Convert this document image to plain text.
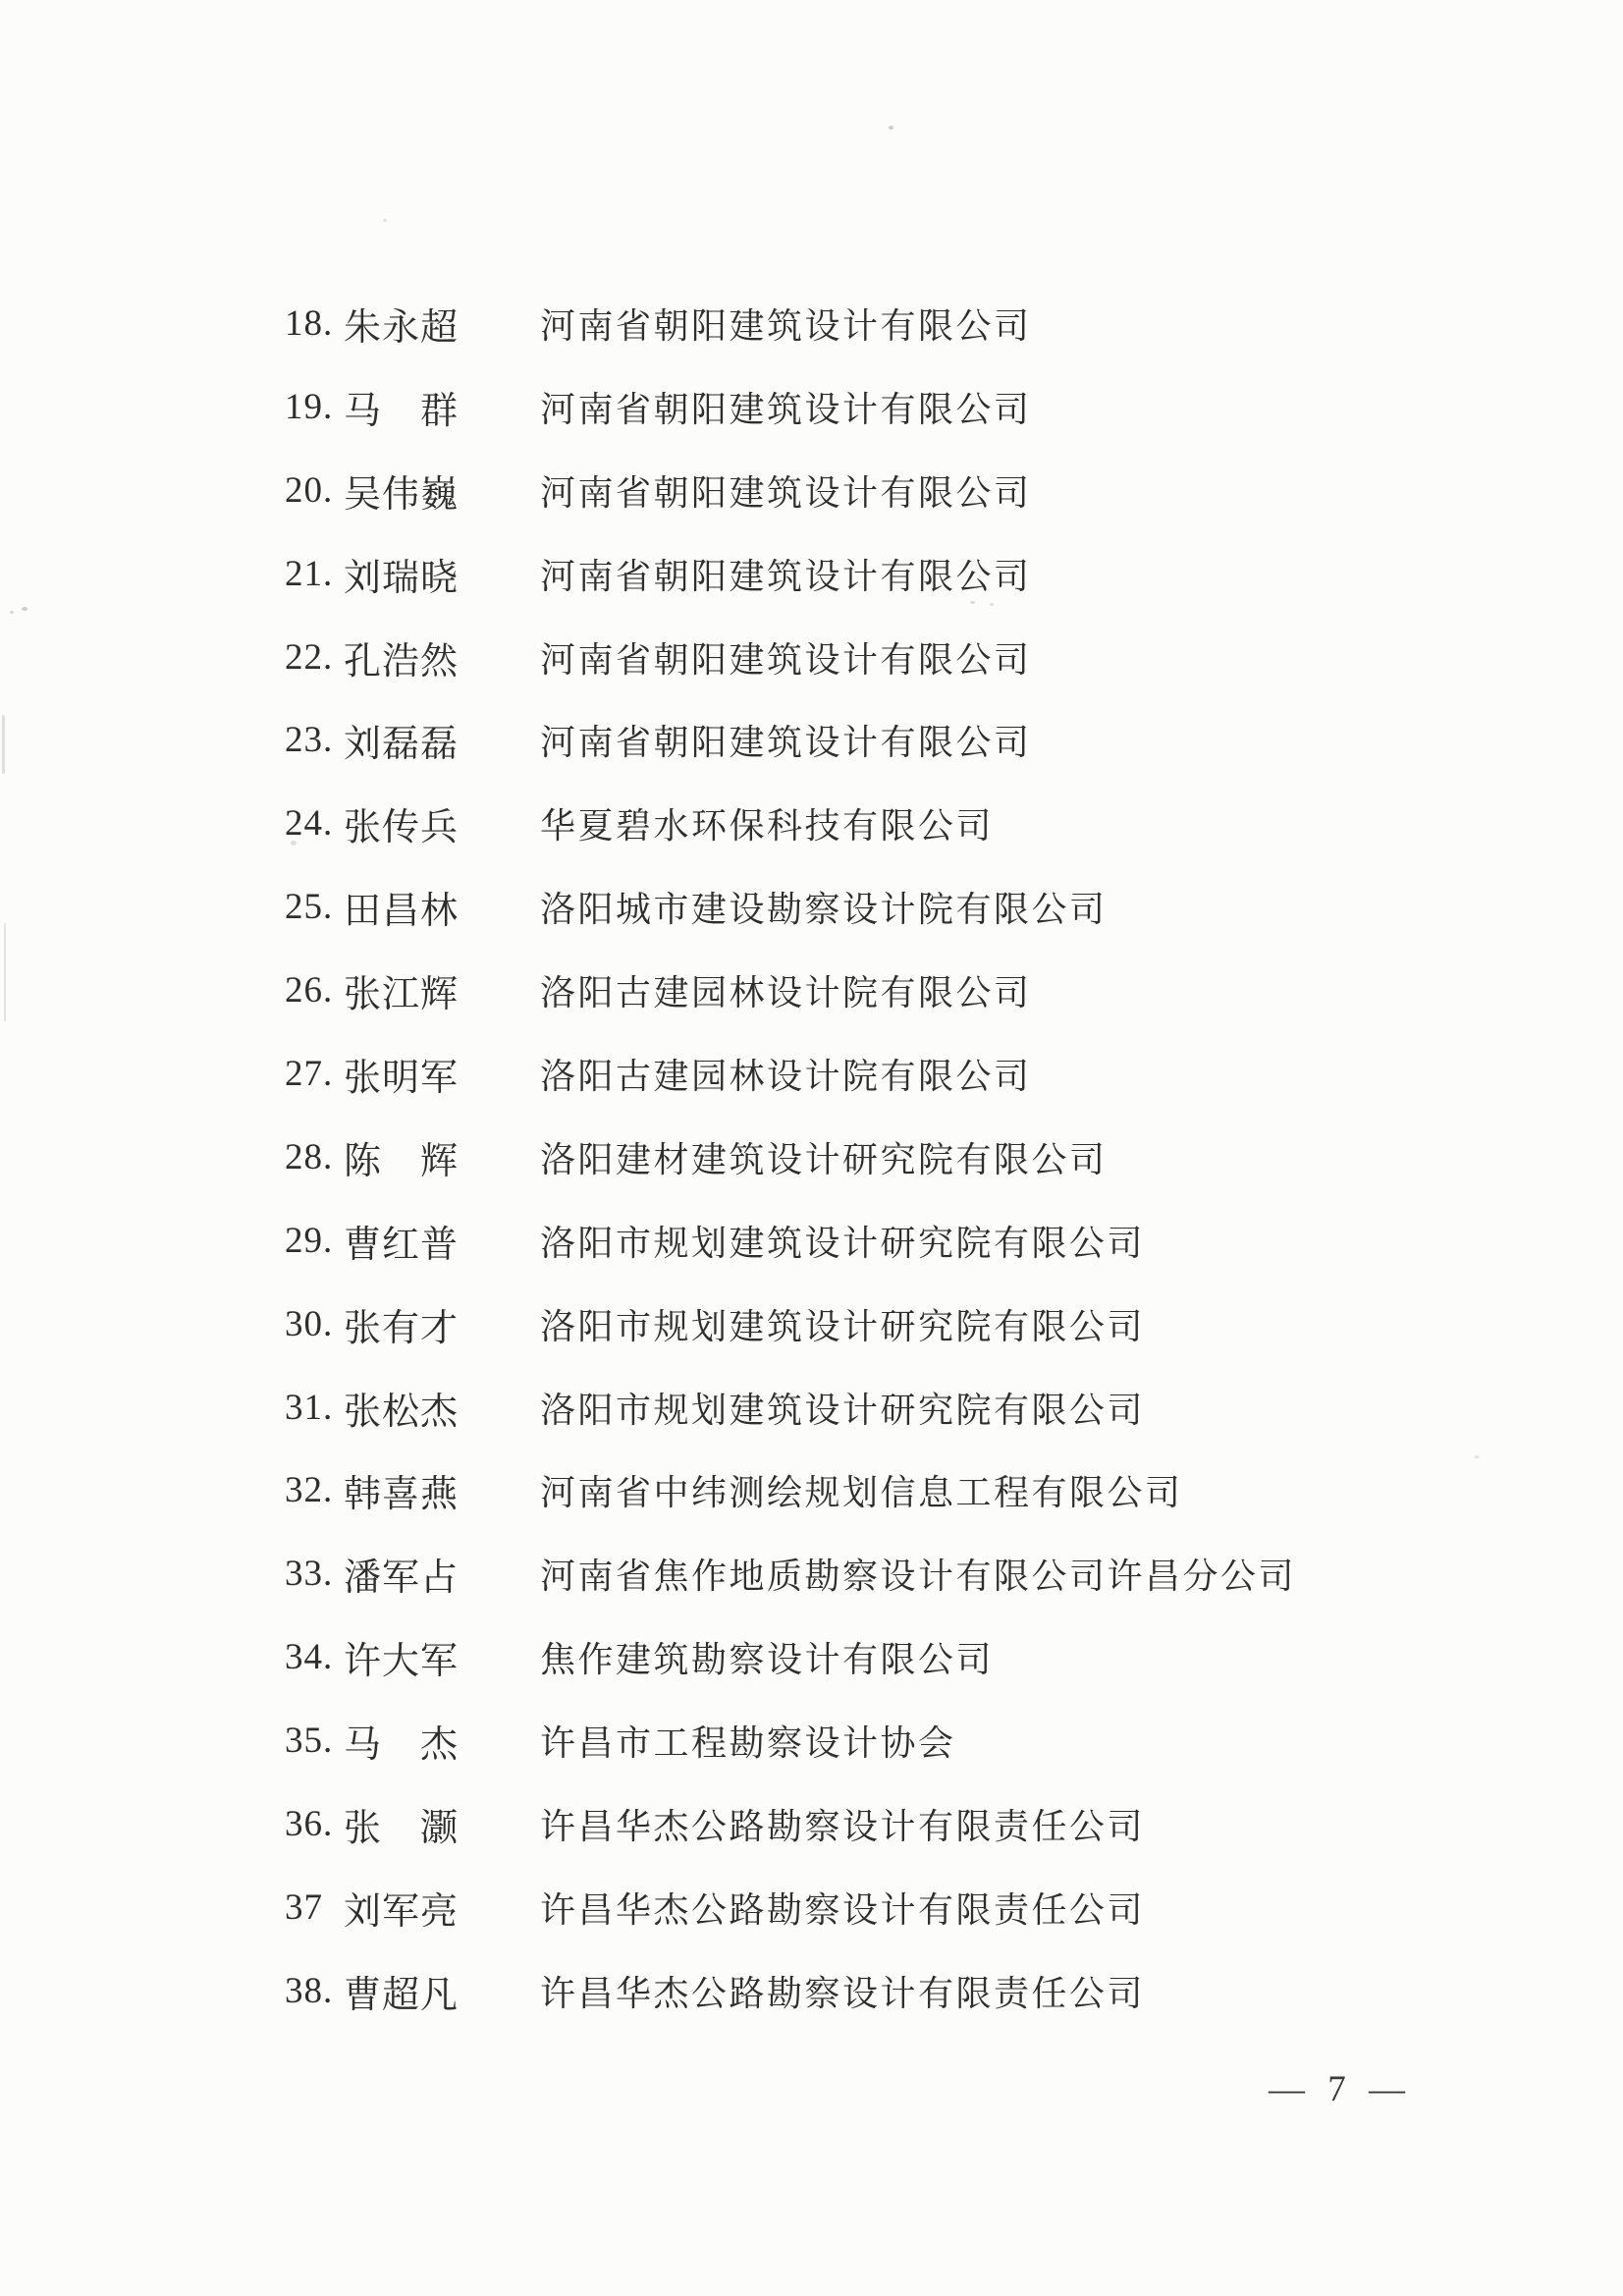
18. 朱永超	河南省朝阳建筑设计有限公司
19. 马　群	河南省朝阳建筑设计有限公司
20. 吴伟巍	河南省朝阳建筑设计有限公司
21. 刘瑞晓	河南省朝阳建筑设计有限公司
22. 孔浩然	河南省朝阳建筑设计有限公司
23. 刘磊磊	河南省朝阳建筑设计有限公司
24. 张传兵	华夏碧水环保科技有限公司
25. 田昌林	洛阳城市建设勘察设计院有限公司
26. 张江辉	洛阳古建园林设计院有限公司
27. 张明军	洛阳古建园林设计院有限公司
28. 陈　辉	洛阳建材建筑设计研究院有限公司
29. 曹红普	洛阳市规划建筑设计研究院有限公司
30. 张有才	洛阳市规划建筑设计研究院有限公司
31. 张松杰	洛阳市规划建筑设计研究院有限公司
32. 韩喜燕	河南省中纬测绘规划信息工程有限公司
33. 潘军占	河南省焦作地质勘察设计有限公司许昌分公司
34. 许大军	焦作建筑勘察设计有限公司
35. 马　杰	许昌市工程勘察设计协会
36. 张　灏	许昌华杰公路勘察设计有限责任公司
37 刘军亮	许昌华杰公路勘察设计有限责任公司
38. 曹超凡	许昌华杰公路勘察设计有限责任公司
— 7 —
